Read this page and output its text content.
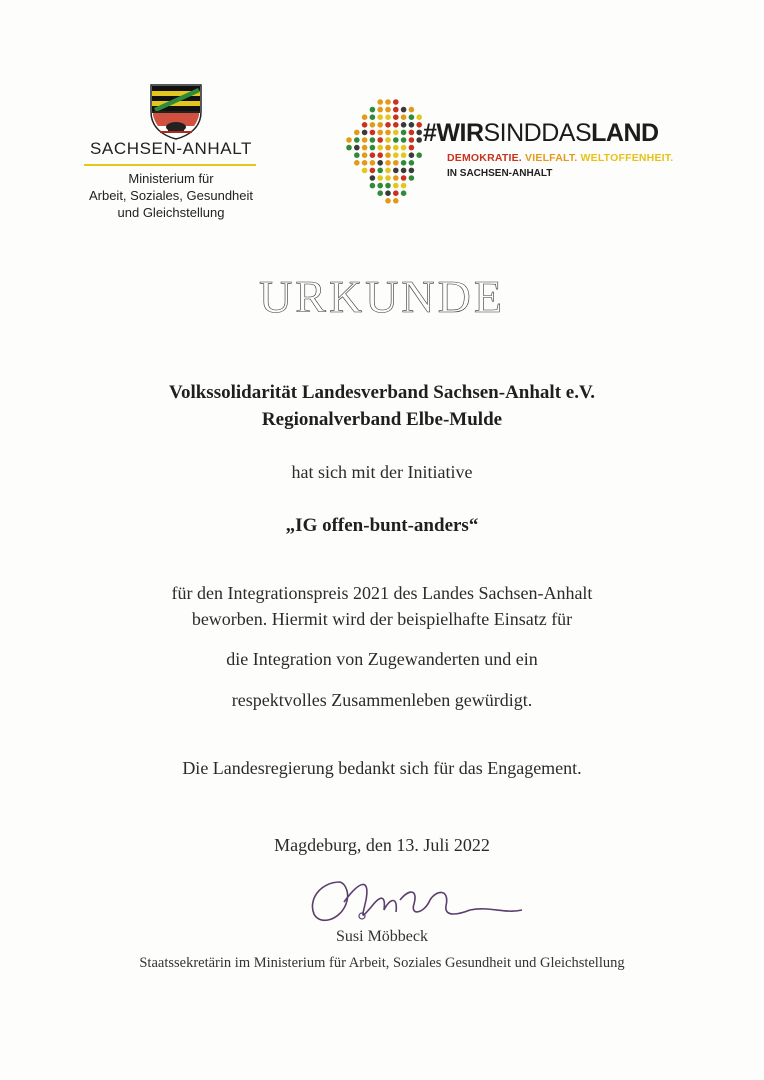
SACHSEN-ANHALT
Ministerium für
Arbeit, Soziales, Gesundheit
und Gleichstellung
#WIRSINDDASLAND
DEMOKRATIE. VIELFALT. WELTOFFENHEIT.
IN SACHSEN-ANHALT
URKUNDE
Volkssolidarität Landesverband Sachsen-Anhalt e.V.
Regionalverband Elbe-Mulde
hat sich mit der Initiative
„IG offen-bunt-anders“
für den Integrationspreis 2021 des Landes Sachsen-Anhalt
beworben. Hiermit wird der beispielhafte Einsatz für
die Integration von Zugewanderten und ein
respektvolles Zusammenleben gewürdigt.
Die Landesregierung bedankt sich für das Engagement.
Magdeburg, den 13. Juli 2022
Susi Möbbeck
Staatssekretärin im Ministerium für Arbeit, Soziales Gesundheit und Gleichstellung
